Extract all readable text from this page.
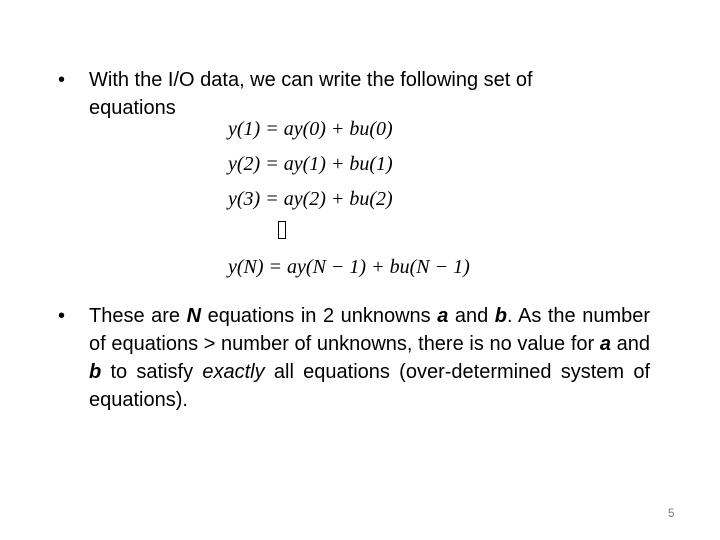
•	With the I/O data, we can write the following set of equations
y(1) = ay(0) + bu(0)
y(2) = ay(1) + bu(1)
y(3) = ay(2) + bu(2)
y(N) = ay(N − 1) + bu(N − 1)
•	These are N equations in 2 unknowns a and b. As the number of equations > number of unknowns, there is no value for a and b to satisfy exactly all equations (over-determined system of equations).
5
